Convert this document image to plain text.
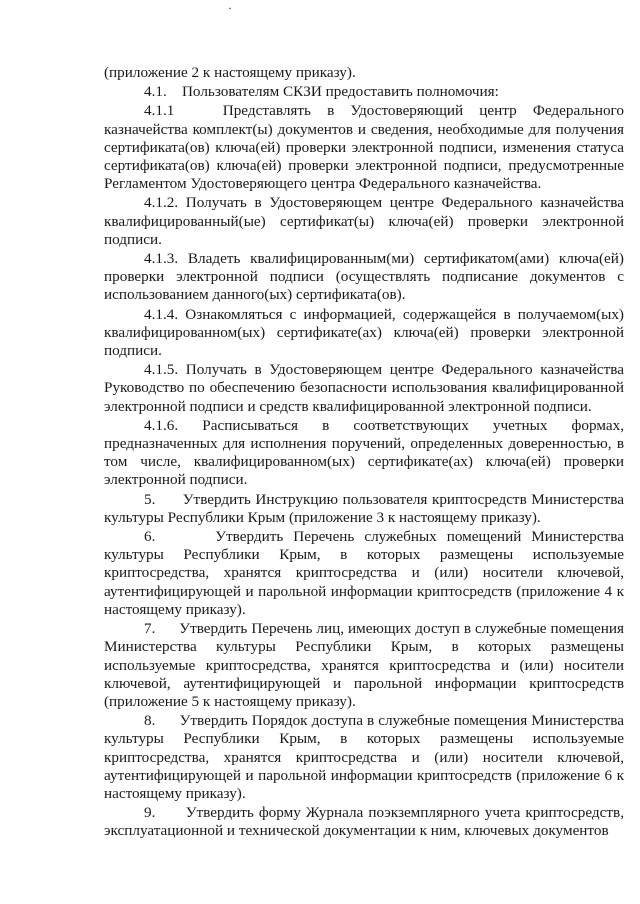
·

(приложение 2 к настоящему приказу).

4.1.    Пользователям СКЗИ предоставить полномочия:

4.1.1   Представлять в Удостоверяющий центр Федерального казначейства комплект(ы) документов и сведения, необходимые для получения сертификата(ов) ключа(ей) проверки электронной подписи, изменения статуса сертификата(ов) ключа(ей) проверки электронной подписи, предусмотренные Регламентом Удостоверяющего центра Федерального казначейства.

4.1.2. Получать в Удостоверяющем центре Федерального казначейства квалифицированный(ые) сертификат(ы) ключа(ей) проверки электронной подписи.

4.1.3. Владеть квалифицированным(ми) сертификатом(ами) ключа(ей) проверки электронной подписи (осуществлять подписание документов с использованием данного(ых) сертификата(ов).

4.1.4. Ознакомляться с информацией, содержащейся в получаемом(ых) квалифицированном(ых) сертификате(ах) ключа(ей) проверки электронной подписи.

4.1.5. Получать в Удостоверяющем центре Федерального казначейства Руководство по обеспечению безопасности использования квалифицированной электронной подписи и средств квалифицированной электронной подписи.

4.1.6. Расписываться в соответствующих учетных формах, предназначенных для исполнения поручений, определенных доверенностью, в том числе, квалифицированном(ых) сертификате(ах) ключа(ей) проверки электронной подписи.

5.      Утвердить Инструкцию пользователя криптосредств Министерства культуры Республики Крым (приложение 3 к настоящему приказу).

6.      Утвердить Перечень служебных помещений Министерства культуры Республики Крым, в которых размещены используемые криптосредства, хранятся криптосредства и (или) носители ключевой, аутентифицирующей и парольной информации криптосредств (приложение 4 к настоящему приказу).

7.      Утвердить Перечень лиц, имеющих доступ в служебные помещения Министерства культуры Республики Крым, в которых размещены используемые криптосредства, хранятся криптосредства и (или) носители ключевой, аутентифицирующей и парольной информации криптосредств (приложение 5 к настоящему приказу).

8.      Утвердить Порядок доступа в служебные помещения Министерства культуры Республики Крым, в которых размещены используемые криптосредства, хранятся криптосредства и (или) носители ключевой, аутентифицирующей и парольной информации криптосредств (приложение 6 к настоящему приказу).

9.      Утвердить форму Журнала поэкземплярного учета криптосредств, эксплуатационной и технической документации к ним, ключевых документов
